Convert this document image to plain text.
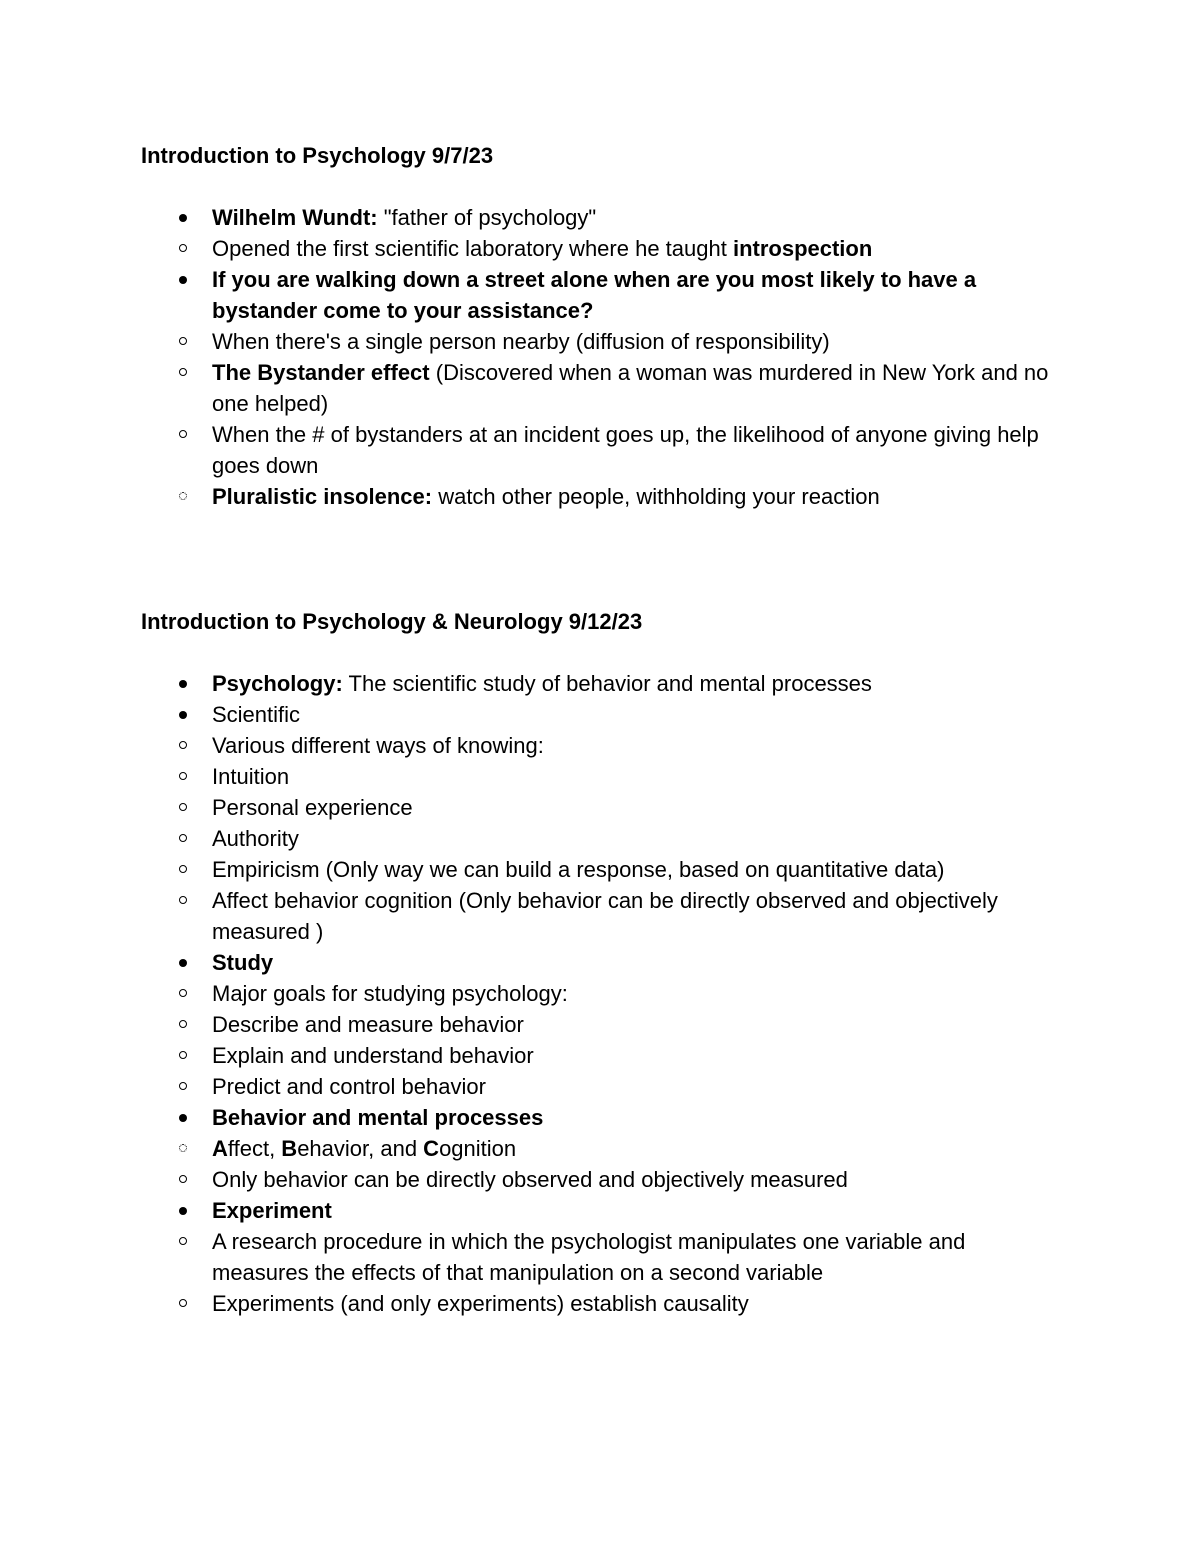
Introduction to Psychology 9/7/23
Wilhelm Wundt: "father of psychology"
Opened the first scientific laboratory where he taught introspection
If you are walking down a street alone when are you most likely to have a bystander come to your assistance?
When there's a single person nearby (diffusion of responsibility)
The Bystander effect (Discovered when a woman was murdered in New York and no one helped)
When the # of bystanders at an incident goes up, the likelihood of anyone giving help goes down
Pluralistic insolence: watch other people, withholding your reaction
Introduction to Psychology & Neurology 9/12/23
Psychology: The scientific study of behavior and mental processes
Scientific
Various different ways of knowing:
Intuition
Personal experience
Authority
Empiricism (Only way we can build a response, based on quantitative data)
Affect behavior cognition (Only behavior can be directly observed and objectively measured )
Study
Major goals for studying psychology:
Describe and measure behavior
Explain and understand behavior
Predict and control behavior
Behavior and mental processes
Affect, Behavior, and Cognition
Only behavior can be directly observed and objectively measured
Experiment
A research procedure in which the psychologist manipulates one variable and measures the effects of that manipulation on a second variable
Experiments (and only experiments) establish causality
